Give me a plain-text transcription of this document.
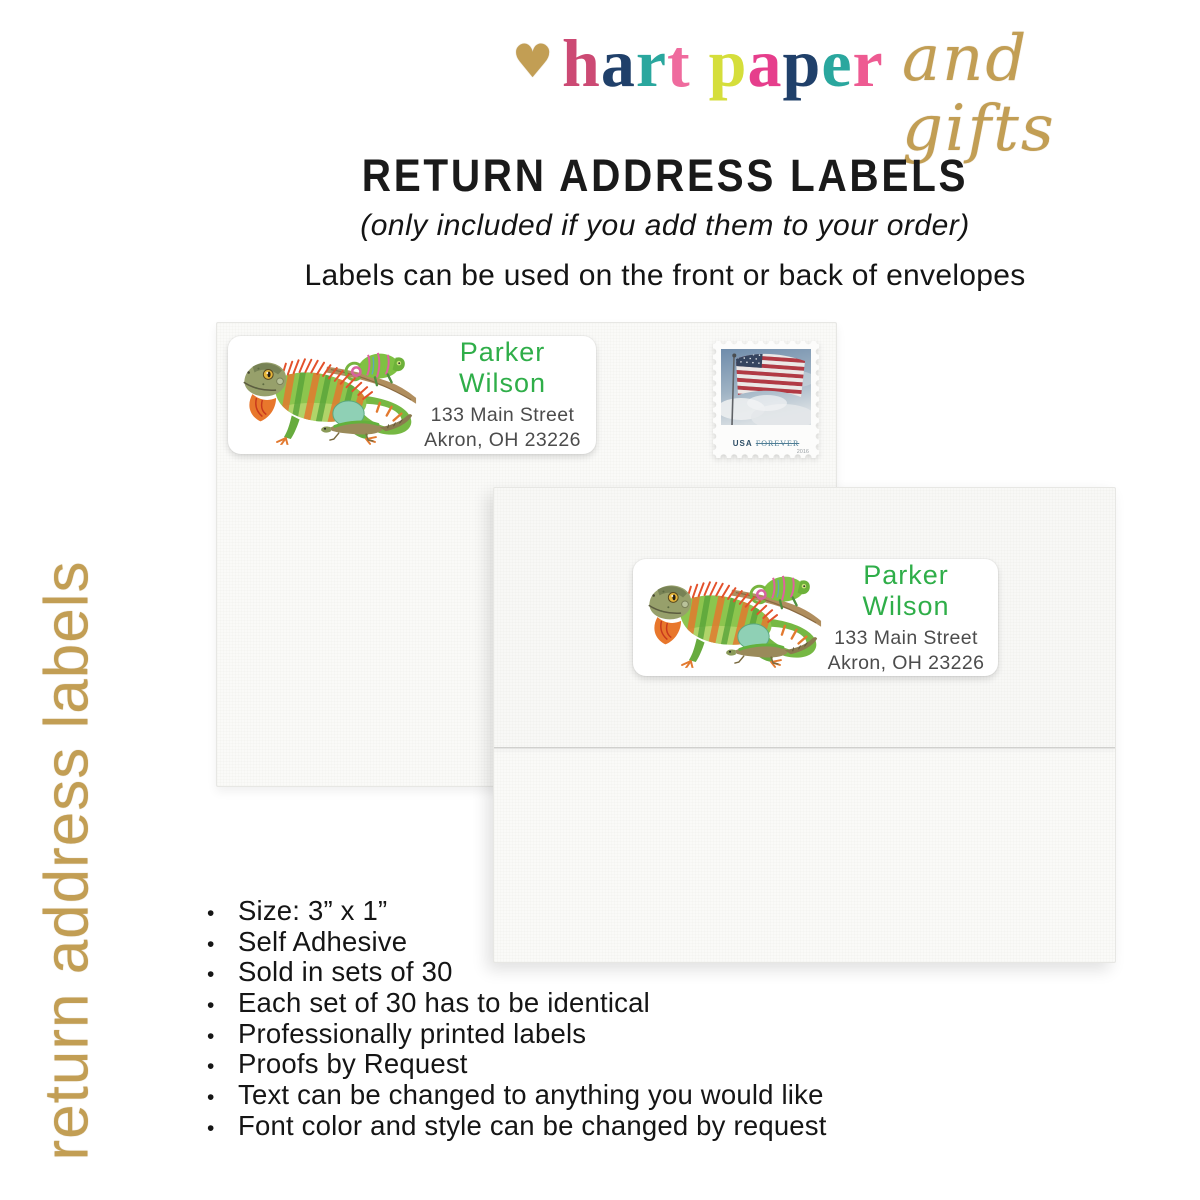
♥ hart paper and gifts
RETURN ADDRESS LABELS
(only included if you add them to your order)
Labels can be used on the front or back of envelopes
return address labels
Parker Wilson
133 Main Street
Akron, OH 23226	USA FOREVER
2016
Parker Wilson
133 Main Street
Akron, OH 23226
• Size: 3” x 1”
• Self Adhesive
• Sold in sets of 30
• Each set of 30 has to be identical
• Professionally printed labels
• Proofs by Request
• Text can be changed to anything you would like
• Font color and style can be changed by request
